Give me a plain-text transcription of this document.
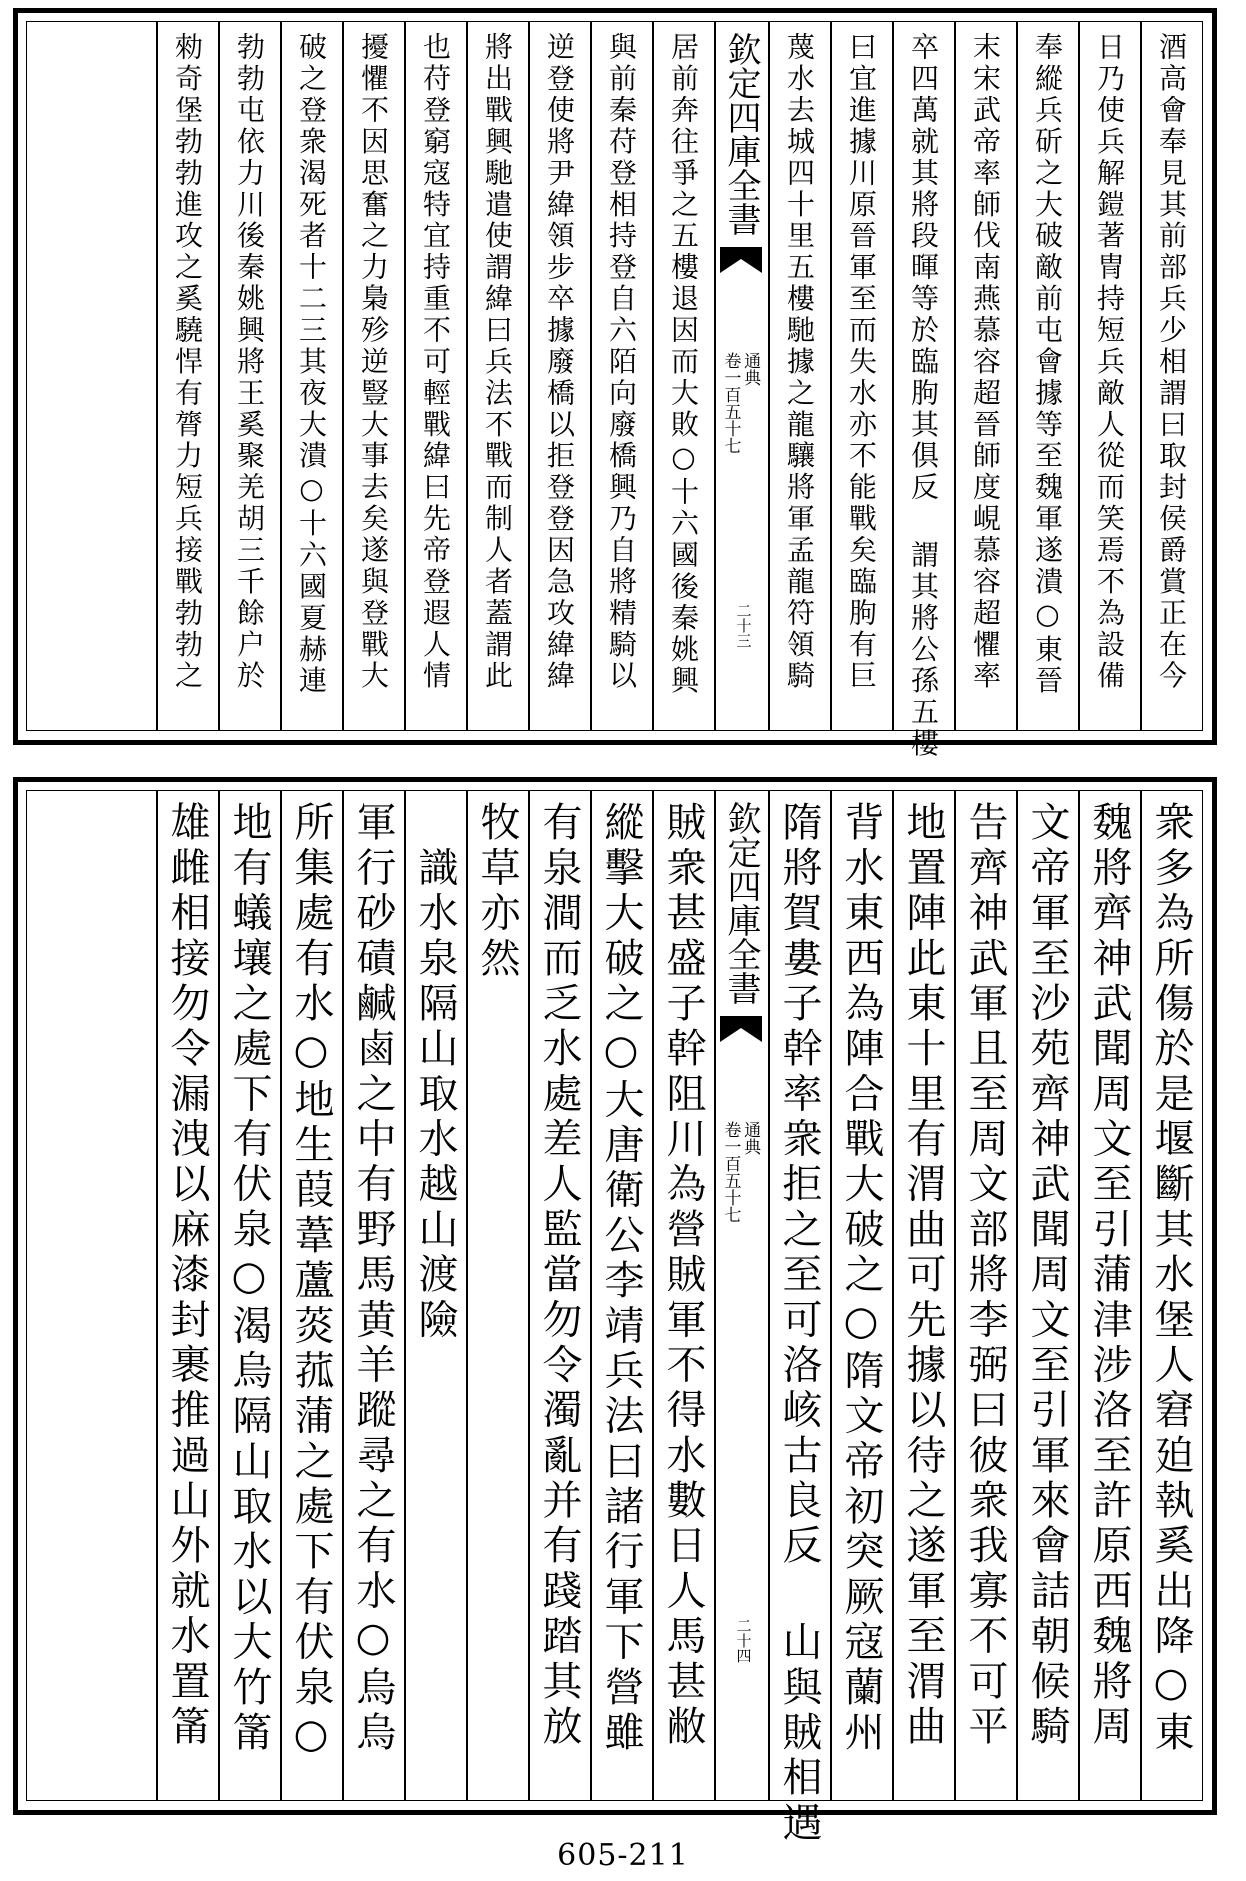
酒高會奉見其前部兵少相謂曰取封侯爵賞正在今
日乃使兵解鎧著冑持短兵敵人從而笑焉不為設備
奉縱兵斫之大破敵前屯會據等至魏軍遂潰○東晉
末宋武帝率師伐南燕慕容超晉師度峴慕容超懼率
卒四萬就其將段暉等於臨朐其俱反 謂其將公孫五樓
曰宜進據川原晉軍至而失水亦不能戰矣臨朐有巨
蔑水去城四十里五樓馳據之龍驤將軍孟龍符領騎
欽定四庫全書
通典
卷一百五十七
二十三
居前奔往爭之五樓退因而大敗○十六國後秦姚興
與前秦苻登相持登自六陌向廢橋興乃自將精騎以
逆登使將尹緯領步卒據廢橋以拒登登因急攻緯緯
將出戰興馳遣使謂緯曰兵法不戰而制人者蓋謂此
也苻登窮寇特宜持重不可輕戰緯曰先帝登遐人情
擾懼不因思奮之力梟殄逆豎大事去矣遂與登戰大
破之登衆渴死者十二三其夜大潰○十六國夏赫連
勃勃屯依力川後秦姚興將王奚聚羌胡三千餘户於
勑奇堡勃勃進攻之奚驍悍有膂力短兵接戰勃勃之
衆多為所傷於是堰斷其水堡人窘廹執奚出降○東
魏將齊神武聞周文至引蒲津涉洛至許原西魏將周
文帝軍至沙苑齊神武聞周文至引軍來會詰朝候騎
告齊神武軍且至周文部將李弼曰彼衆我寡不可平
地置陣此東十里有渭曲可先據以待之遂軍至渭曲
背水東西為陣合戰大破之○隋文帝初突厥寇蘭州
隋將賀婁子幹率衆拒之至可洛峐古良反 山與賊相遇
欽定四庫全書
通典
卷一百五十七
二十四
賊衆甚盛子幹阻川為營賊軍不得水數日人馬甚敝
縱擊大破之○大唐衛公李靖兵法曰諸行軍下營雖
有泉澗而乏水處差人監當勿令濁亂并有踐踏其放
牧草亦然
　識水泉隔山取水越山渡險
軍行砂磧鹹鹵之中有野馬黄羊蹤尋之有水○烏烏
所集處有水○地生葭葦蘆菼菰蒲之處下有伏泉○
地有蟻壤之處下有伏泉○渴烏隔山取水以大竹筩
雄雌相接勿令漏洩以麻漆封裹推過山外就水置筩
605-211
